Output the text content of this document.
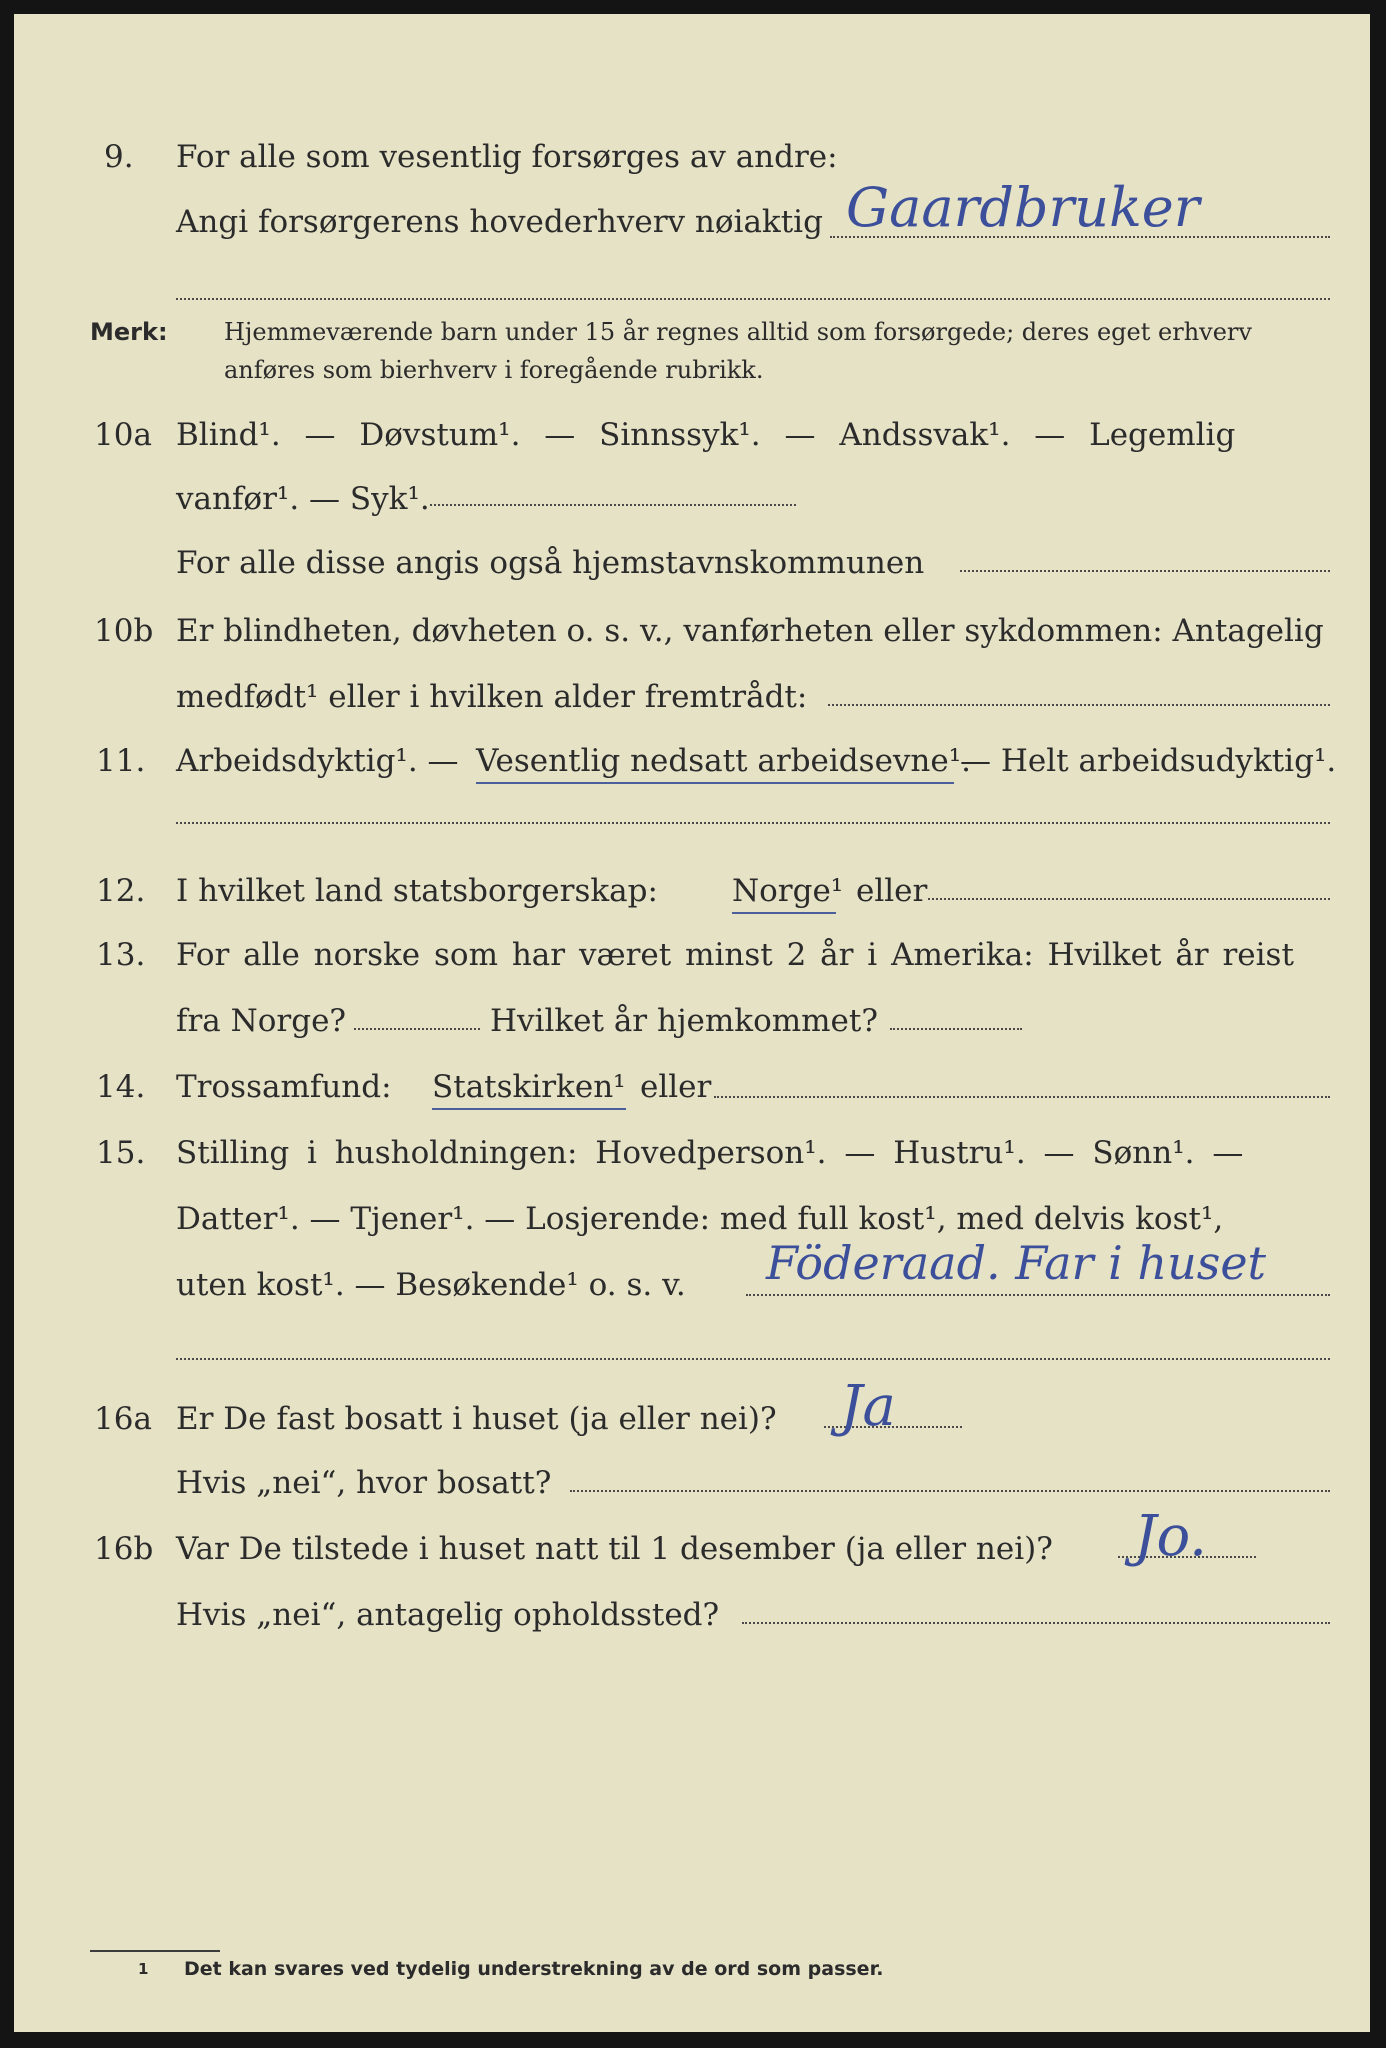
9. For alle som vesentlig forsørges av andre:
Angi forsørgerens hovederhverv nøiaktig Gaardbruker
Merk: Hjemmeværende barn under 15 år regnes alltid som forsørgede; deres eget erhverv
anføres som bierhverv i foregående rubrikk.
10a Blind¹. — Døvstum¹. — Sinnssyk¹. — Andssvak¹. — Legemlig
vanfør¹. — Syk¹.
For alle disse angis også hjemstavnskommunen
10b Er blindheten, døvheten o. s. v., vanførheten eller sykdommen: Antagelig
medfødt¹ eller i hvilken alder fremtrådt:
11. Arbeidsdyktig¹. — Vesentlig nedsatt arbeidsevne¹.
— Helt arbeidsudyktig¹.
12. I hvilket land statsborgerskap: Norge¹ eller
13. For alle norske som har været minst 2 år i Amerika: Hvilket år reist
fra Norge?	Hvilket år hjemkommet?
14. Trossamfund: Statskirken¹ eller
15. Stilling i husholdningen: Hovedperson¹. — Hustru¹. — Sønn¹. —
Datter¹. — Tjener¹. — Losjerende: med full kost¹, med delvis kost¹,
uten kost¹. — Besøkende¹ o. s. v. Föderaad. Far i huset
16a Er De fast bosatt i huset (ja eller nei)? Ja
Hvis „nei“, hvor bosatt?
16b Var De tilstede i huset natt til 1 desember (ja eller nei)? Jo.
Hvis „nei“, antagelig opholdssted?
1 Det kan svares ved tydelig understrekning av de ord som passer.
